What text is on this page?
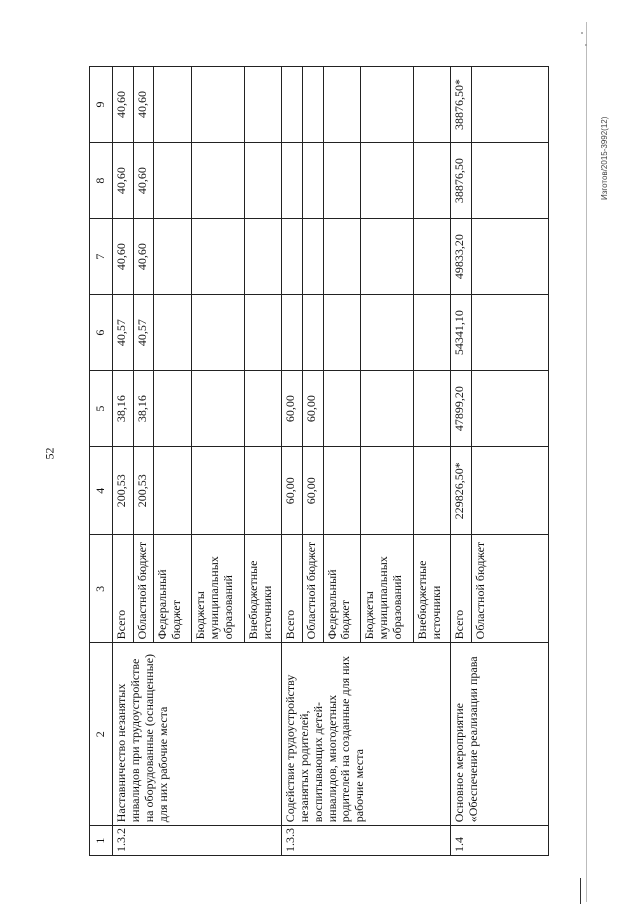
52
Изготов/2015-3992(12)
1	2	3	4	5	6	7	8	9
1.3.2	Наставничество незанятых инвалидов при трудоустройстве на оборудованные (оснащенные) для них рабочие места	Всего	200,53	38,16	40,57	40,60	40,60	40,60
		Областной бюджет	200,53	38,16	40,57	40,60	40,60	40,60
		Федеральный бюджет						
		Бюджеты муниципальных образований						
		Внебюджетные источники						
1.3.3	Содействие трудоустройству незанятых родителей, воспитывающих детей-инвалидов, многодетных родителей на созданные для них рабочие места	Всего	60,00	60,00				
		Областной бюджет	60,00	60,00				
		Федеральный бюджет						
		Бюджеты муниципальных образований						
		Внебюджетные источники						
1.4	Основное мероприятие «Обеспечение реализации права	Всего	229826,50*	47899,20	54341,10	49833,20	38876,50	38876,50*
		Областной бюджет						
